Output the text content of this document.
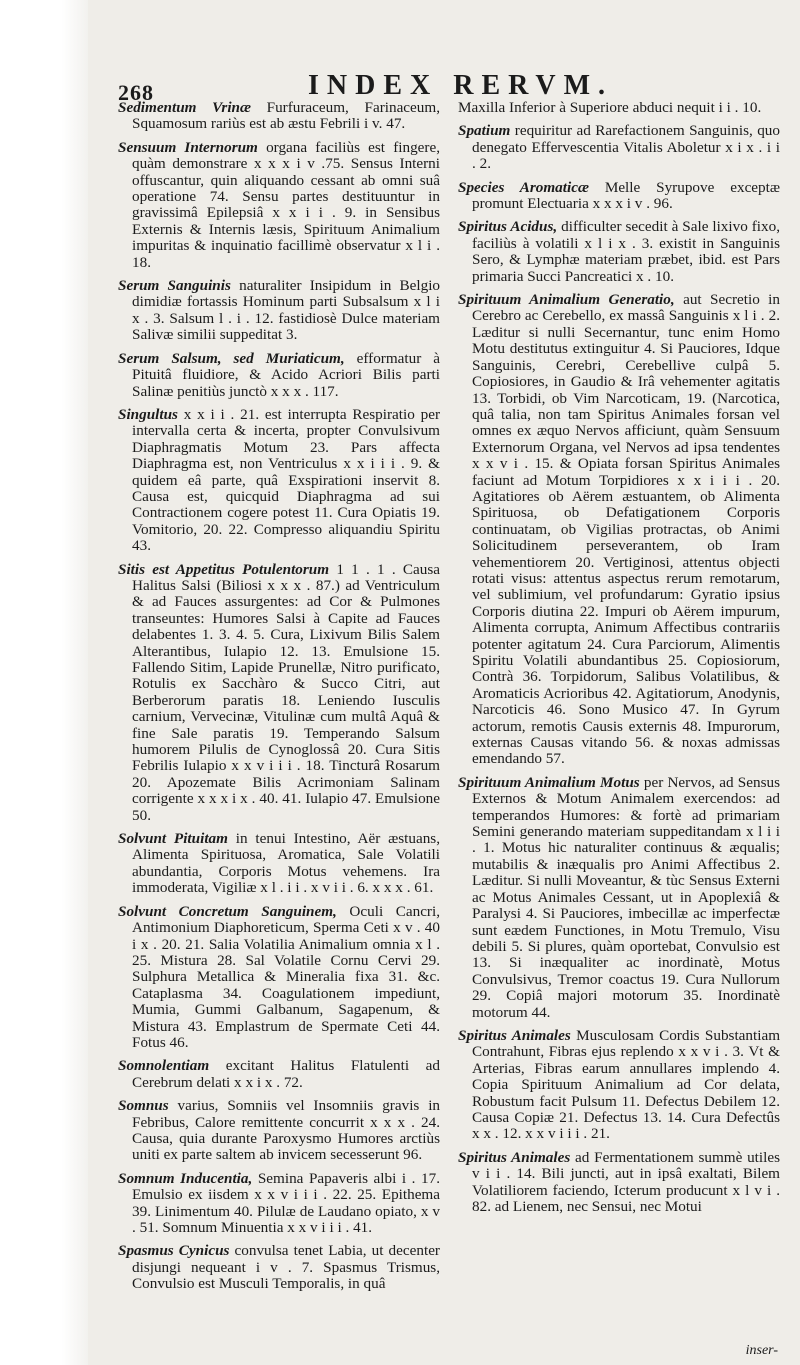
268	INDEX RERVM.

Sedimentum Vrinæ Furfuraceum, Farinaceum, Squamosum rariùs est ab æstu Febrili i v. 47.

Sensuum Internorum organa faciliùs est fingere, quàm demonstrare x x x i v .75. Sensus Interni offuscantur, quin aliquando cessant ab omni suâ operatione 74. Sensu partes destituuntur in gravissimâ Epilepsiâ x x i i . 9. in Sensibus Externis & Internis læsis, Spirituum Animalium impuritas & inquinatio facillimè observatur x l i . 18.

Serum Sanguinis naturaliter Insipidum in Belgio dimidiæ fortassis Hominum parti Subsalsum x l i x . 3. Salsum l . i . 12. fastidiosè Dulce materiam Salivæ similii suppeditat 3.

Serum Salsum, sed Muriaticum, efformatur à Pituitâ fluidiore, & Acido Acriori Bilis parti Salinæ penitiùs junctò x x x . 117.

Singultus x x i i . 21. est interrupta Respiratio per intervalla certa & incerta, propter Convulsivum Diaphragmatis Motum 23. Pars affecta Diaphragma est, non Ventriculus x x i i i . 9. & quidem eâ parte, quâ Exspirationi inservit 8. Causa est, quicquid Diaphragma ad sui Contractionem cogere potest 11. Cura Opiatis 19. Vomitorio, 20. 22. Compresso aliquandiu Spiritu 43.

Sitis est Appetitus Potulentorum 1 1 . 1 . Causa Halitus Salsi (Biliosi x x x . 87.) ad Ventriculum & ad Fauces assurgentes: ad Cor & Pulmones transeuntes: Humores Salsi à Capite ad Fauces delabentes 1. 3. 4. 5. Cura, Lixivum Bilis Salem Alterantibus, Iulapio 12. 13. Emulsione 15. Fallendo Sitim, Lapide Prunellæ, Nitro purificato, Rotulis ex Sacchàro & Succo Citri, aut Berberorum paratis 18. Leniendo Iusculis carnium, Vervecinæ, Vitulinæ cum multâ Aquâ & fine Sale paratis 19. Temperando Salsum humorem Pilulis de Cynoglossâ 20. Cura Sitis Febrilis Iulapio x x v i i i . 18. Tincturâ Rosarum 20. Apozemate Bilis Acrimoniam Salinam corrigente x x x i x . 40. 41. Iulapio 47. Emulsione 50.

Solvunt Pituitam in tenui Intestino, Aër æstuans, Alimenta Spirituosa, Aromatica, Sale Volatili abundantia, Corporis Motus vehemens. Ira immoderata, Vigiliæ x l . i i . x v i i . 6. x x x . 61.

Solvunt Concretum Sanguinem, Oculi Cancri, Antimonium Diaphoreticum, Sperma Ceti x v . 40 i x . 20. 21. Salia Volatilia Animalium omnia x l . 25. Mistura 28. Sal Volatile Cornu Cervi 29. Sulphura Metallica & Mineralia fixa 31. &c. Cataplasma 34. Coagulationem impediunt, Mumia, Gummi Galbanum, Sagapenum, & Mistura 43. Emplastrum de Spermate Ceti 44. Fotus 46.

Somnolentiam excitant Halitus Flatulenti ad Cerebrum delati x x i x . 72.

Somnus varius, Somniis vel Insomniis gravis in Febribus, Calore remittente concurrit x x x . 24. Causa, quia durante Paroxysmo Humores arctiùs uniti ex parte saltem ab invicem secesserunt 96.

Somnum Inducentia, Semina Papaveris albi i . 17. Emulsio ex iisdem x x v i i i . 22. 25. Epithema 39. Linimentum 40. Pilulæ de Laudano opiato, x v . 51. Somnum Minuentia x x v i i i . 41.

Spasmus Cynicus convulsa tenet Labia, ut decenter disjungi nequeant i v . 7. Spasmus Trismus, Convulsio est Musculi Temporalis, in quâ

Maxilla Inferior à Superiore abduci nequit i i . 10.

Spatium requiritur ad Rarefactionem Sanguinis, quo denegato Effervescentia Vitalis Aboletur x i x . i i . 2.

Species Aromaticæ Melle Syrupove exceptæ promunt Electuaria x x x i v . 96.

Spiritus Acidus, difficulter secedit à Sale lixivo fixo, faciliùs à volatili x l i x . 3. existit in Sanguinis Sero, & Lymphæ materiam præbet, ibid. est Pars primaria Succi Pancreatici x . 10.

Spirituum Animalium Generatio, aut Secretio in Cerebro ac Cerebello, ex massâ Sanguinis x l i . 2. Læditur si nulli Secernantur, tunc enim Homo Motu destitutus extinguitur 4. Si Pauciores, Idque Sanguinis, Cerebri, Cerebellive culpâ 5. Copiosiores, in Gaudio & Irâ vehementer agitatis 13. Torbidi, ob Vim Narcoticam, 19. (Narcotica, quâ talia, non tam Spiritus Animales forsan vel omnes ex æquo Nervos afficiunt, quàm Sensuum Externorum Organa, vel Nervos ad ipsa tendentes x x v i . 15. & Opiata forsan Spiritus Animales faciunt ad Motum Torpidiores x x i i i . 20. Agitatiores ob Aërem æstuantem, ob Alimenta Spirituosa, ob Defatigationem Corporis continuatam, ob Vigilias protractas, ob Animi Solicitudinem perseverantem, ob Iram vehementiorem 20. Vertiginosi, attentus objecti rotati visus: attentus aspectus rerum remotarum, vel sublimium, vel profundarum: Gyratio ipsius Corporis diutina 22. Impuri ob Aërem impurum, Alimenta corrupta, Animum Affectibus contrariis potenter agitatum 24. Cura Parciorum, Alimentis Spiritu Volatili abundantibus 25. Copiosiorum, Contrà 36. Torpidorum, Salibus Volatilibus, & Aromaticis Acrioribus 42. Agitatiorum, Anodynis, Narcoticis 46. Sono Musico 47. In Gyrum actorum, remotis Causis externis 48. Impurorum, externas Causas vitando 56. & noxas admissas emendando 57.

Spirituum Animalium Motus per Nervos, ad Sensus Externos & Motum Animalem exercendos: ad temperandos Humores: & fortè ad primariam Semini generando materiam suppeditandam x l i i . 1. Motus hic naturaliter continuus & æqualis; mutabilis & inæqualis pro Animi Affectibus 2. Læditur. Si nulli Moveantur, & tùc Sensus Externi ac Motus Animales Cessant, ut in Apoplexiâ & Paralysi 4. Si Pauciores, imbecillæ ac imperfectæ sunt eædem Functiones, in Motu Tremulo, Visu debili 5. Si plures, quàm oportebat, Convulsio est 13. Si inæqualiter ac inordinatè, Motus Convulsivus, Tremor coactus 19. Cura Nullorum 29. Copiâ majori motorum 35. Inordinatè motorum 44.

Spiritus Animales Musculosam Cordis Substantiam Contrahunt, Fibras ejus replendo x x v i . 3. Vt & Arterias, Fibras earum annullares implendo 4. Copia Spirituum Animalium ad Cor delata, Robustum facit Pulsum 11. Defectus Debilem 12. Causa Copiæ 21. Defectus 13. 14. Cura Defectûs x x . 12. x x v i i i . 21.

Spiritus Animales ad Fermentationem summè utiles v i i . 14. Bili juncti, aut in ipsâ exaltati, Bilem Volatiliorem faciendo, Icterum producunt x l v i . 82. ad Lienem, nec Sensui, nec Motui

inser-
